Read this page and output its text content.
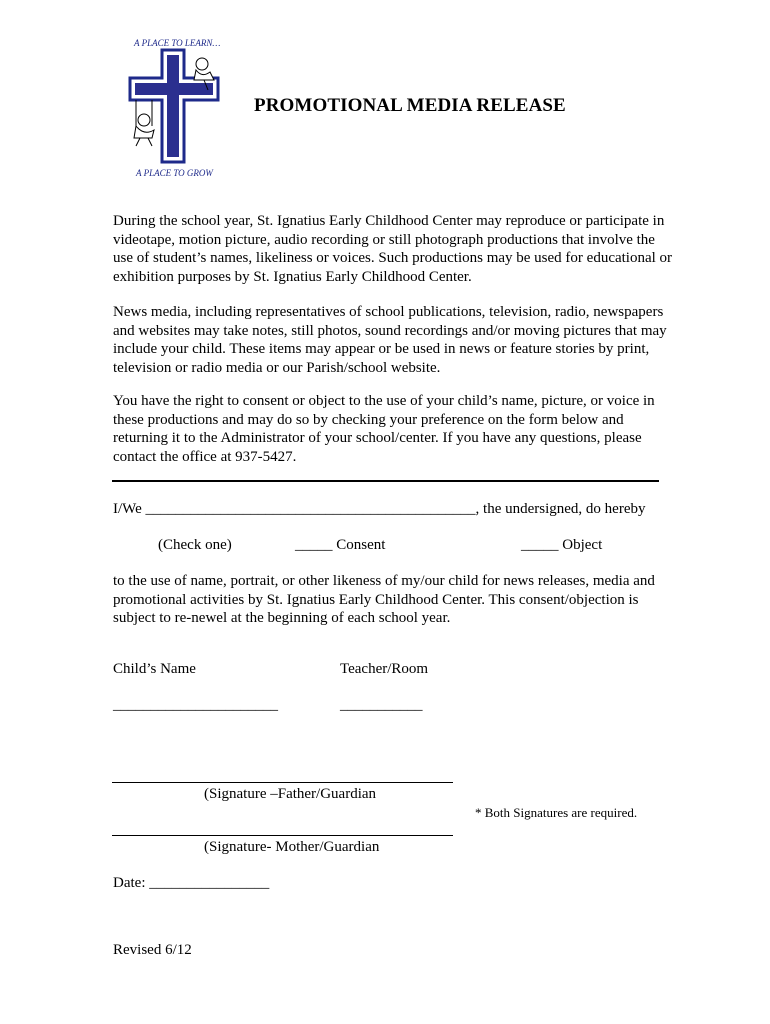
A PLACE TO LEARN…
A PLACE TO GROW
PROMOTIONAL MEDIA RELEASE
During the school year, St. Ignatius Early Childhood Center may reproduce or participate in videotape, motion picture, audio recording or still photograph productions that involve the use of student’s names, likeliness or voices. Such productions may be used for educational or exhibition purposes by St. Ignatius Early Childhood Center.
News media, including representatives of school publications, television, radio, newspapers and websites may take notes, still photos, sound recordings and/or moving pictures that may include your child. These items may appear or be used in news or feature stories by print, television or radio media or our Parish/school website.
You have the right to consent or object to the use of your child’s name, picture, or voice in these productions and may do so by checking your preference on the form below and returning it to the Administrator of your school/center. If you have any questions, please contact the office at 937-5427.
I/We ____________________________________________, the undersigned, do hereby
(Check one)	_____ Consent	_____ Object
to the use of name, portrait, or other likeness of my/our child for news releases, media and promotional activities by St. Ignatius Early Childhood Center. This consent/objection is subject to re-newel at the beginning of each school year.
Child’s Name	Teacher/Room
______________________	___________
(Signature –Father/Guardian
* Both Signatures are required.
(Signature- Mother/Guardian
Date: ________________
Revised 6/12
